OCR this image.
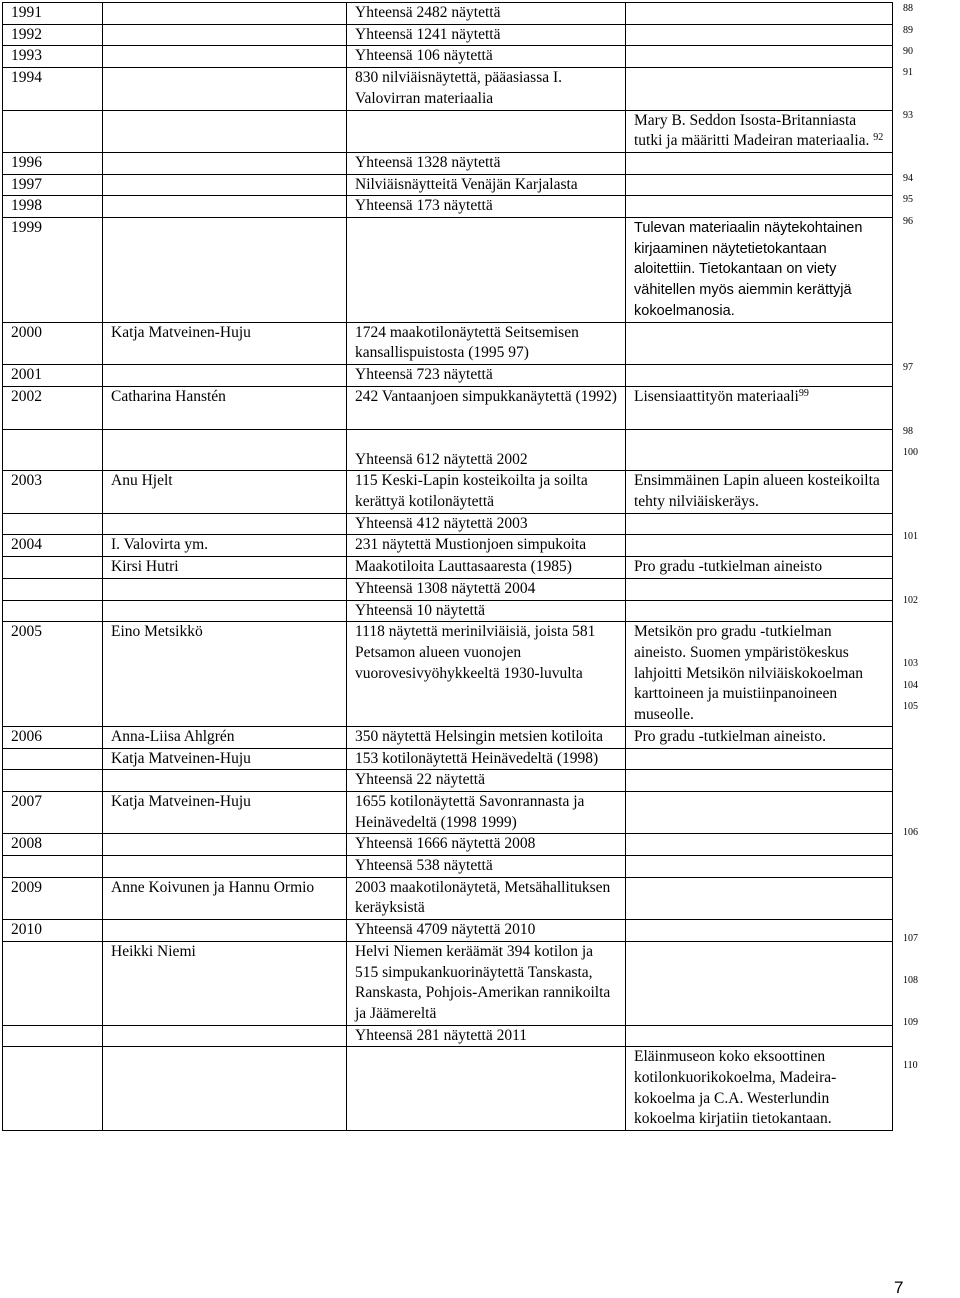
1991		Yhteensä 2482 näytettä	
1992		Yhteensä 1241 näytettä	
1993		Yhteensä 106 näytettä	
1994		830 nilviäisnäytettä, pääasiassa I. Valovirran materiaalia	
			Mary B. Seddon Isosta-Britanniasta tutki ja määritti Madeiran materiaalia. $^{92}$
1996		Yhteensä 1328 näytettä	
1997		Nilviäisnäytteitä Venäjän Karjalasta	
1998		Yhteensä 173 näytettä	
1999			Tulevan materiaalin näytekohtainen kirjaaminen näytetietokantaan aloitettiin. Tietokantaan on viety vähitellen myös aiemmin kerättyjä kokoelmanosia.
2000	Katja Matveinen-Huju	1724 maakotilonäytettä Seitsemisen kansallispuistosta (1995 97)	
2001		Yhteensä 723 näytettä	
2002	Catharina Hanstén	242 Vantaanjoen simpukkanäytettä (1992)	Lisensiaattityön materiaali$^{99}$
		Yhteensä 612 näytettä 2002	
2003	Anu Hjelt	115 Keski-Lapin kosteikoilta ja soilta kerättyä kotilonäytettä	Ensimmäinen Lapin alueen kosteikoilta tehty nilviäiskeräys.
		Yhteensä 412 näytettä 2003	
2004	I. Valovirta ym.	231 näytettä Mustionjoen simpukoita	
	Kirsi Hutri	Maakotiloita Lauttasaaresta (1985)	Pro gradu -tutkielman aineisto
		Yhteensä 1308 näytettä 2004	
		Yhteensä 10 näytettä	
2005	Eino Metsikkö	1118 näytettä merinilviäisiä, joista 581 Petsamon alueen vuonojen vuorovesivyöhykkeeltä 1930-luvulta	Metsikön pro gradu -tutkielman aineisto. Suomen ympäristökeskus lahjoitti Metsikön nilviäiskokoelman karttoineen ja muistiinpanoineen museolle.
2006	Anna-Liisa Ahlgrén	350 näytettä Helsingin metsien kotiloita	Pro gradu -tutkielman aineisto.
	Katja Matveinen-Huju	153 kotilonäytettä Heinävedeltä (1998)	
		Yhteensä 22 näytettä	
2007	Katja Matveinen-Huju	1655 kotilonäytettä Savonrannasta ja Heinävedeltä (1998 1999)	
2008		Yhteensä 1666 näytettä 2008	
		Yhteensä 538 näytettä	
2009	Anne Koivunen ja Hannu Ormio	2003 maakotilonäytetä, Metsähallituksen keräyksistä	
2010		Yhteensä 4709 näytettä 2010	
	Heikki Niemi	Helvi Niemen keräämät 394 kotilon ja 515 simpukankuorinäytettä Tanskasta, Ranskasta, Pohjois-Amerikan rannikoilta ja Jäämereltä	
		Yhteensä 281 näytettä 2011	
			Eläinmuseon koko eksoottinen kotilonkuorikokoelma, Madeira-kokoelma ja C.A. Westerlundin kokoelma kirjatiin tietokantaan.
88
89
90
91
93
94
95
96
97
98
100
101
102
103
104
105
106
107
108
109
110
7
